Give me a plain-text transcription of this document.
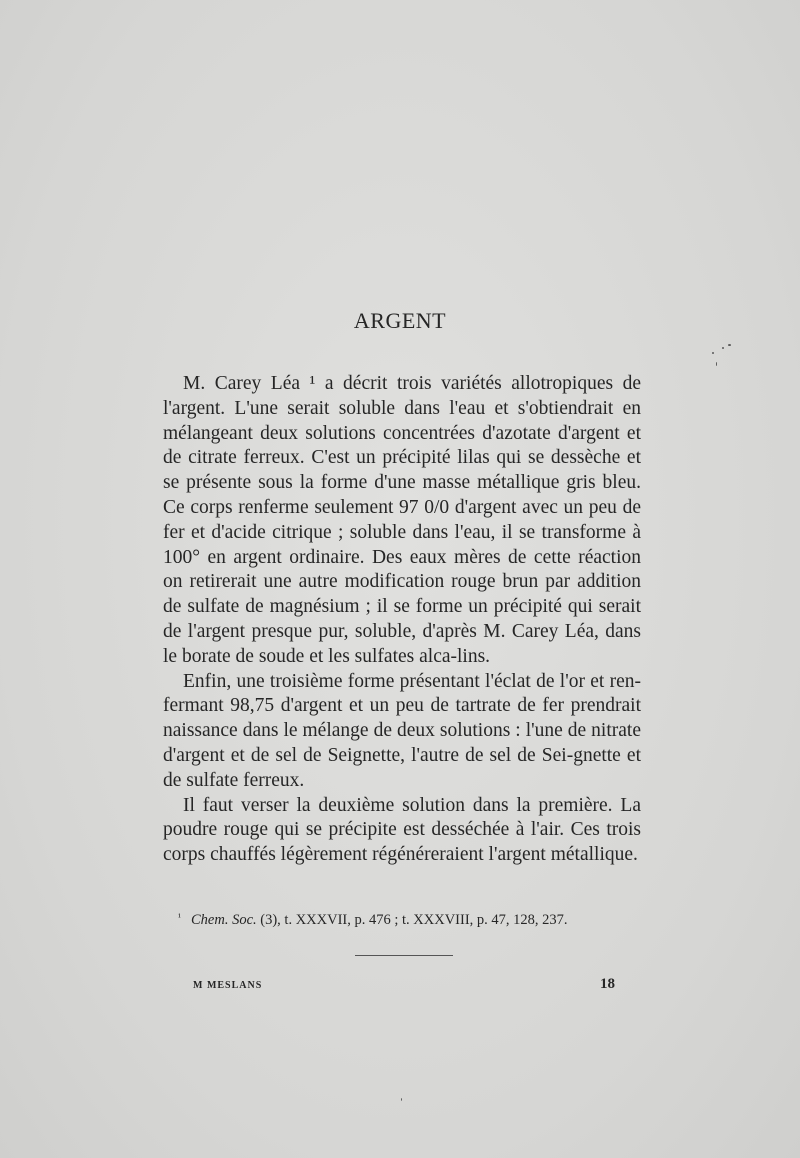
ARGENT

M. Carey Léa ¹ a décrit trois variétés allotropiques de l'argent. L'une serait soluble dans l'eau et s'obtiendrait en mélangeant deux solutions concentrées d'azotate d'argent et de citrate ferreux. C'est un précipité lilas qui se dessèche et se présente sous la forme d'une masse métallique gris bleu. Ce corps renferme seulement 97 0/0 d'argent avec un peu de fer et d'acide citrique ; soluble dans l'eau, il se transforme à 100° en argent ordinaire. Des eaux mères de cette réaction on retirerait une autre modification rouge brun par addition de sulfate de magnésium ; il se forme un précipité qui serait de l'argent presque pur, soluble, d'après M. Carey Léa, dans le borate de soude et les sulfates alca-lins.

Enfin, une troisième forme présentant l'éclat de l'or et ren-fermant 98,75 d'argent et un peu de tartrate de fer prendrait naissance dans le mélange de deux solutions : l'une de nitrate d'argent et de sel de Seignette, l'autre de sel de Sei-gnette et de sulfate ferreux.

Il faut verser la deuxième solution dans la première. La poudre rouge qui se précipite est desséchée à l'air. Ces trois corps chauffés légèrement régénéreraient l'argent métallique.

$^{^1}$ Chem. Soc. (3), t. XXXVII, p. 476 ; t. XXXVIII, p. 47, 128, 237.
M MESLANS	18
